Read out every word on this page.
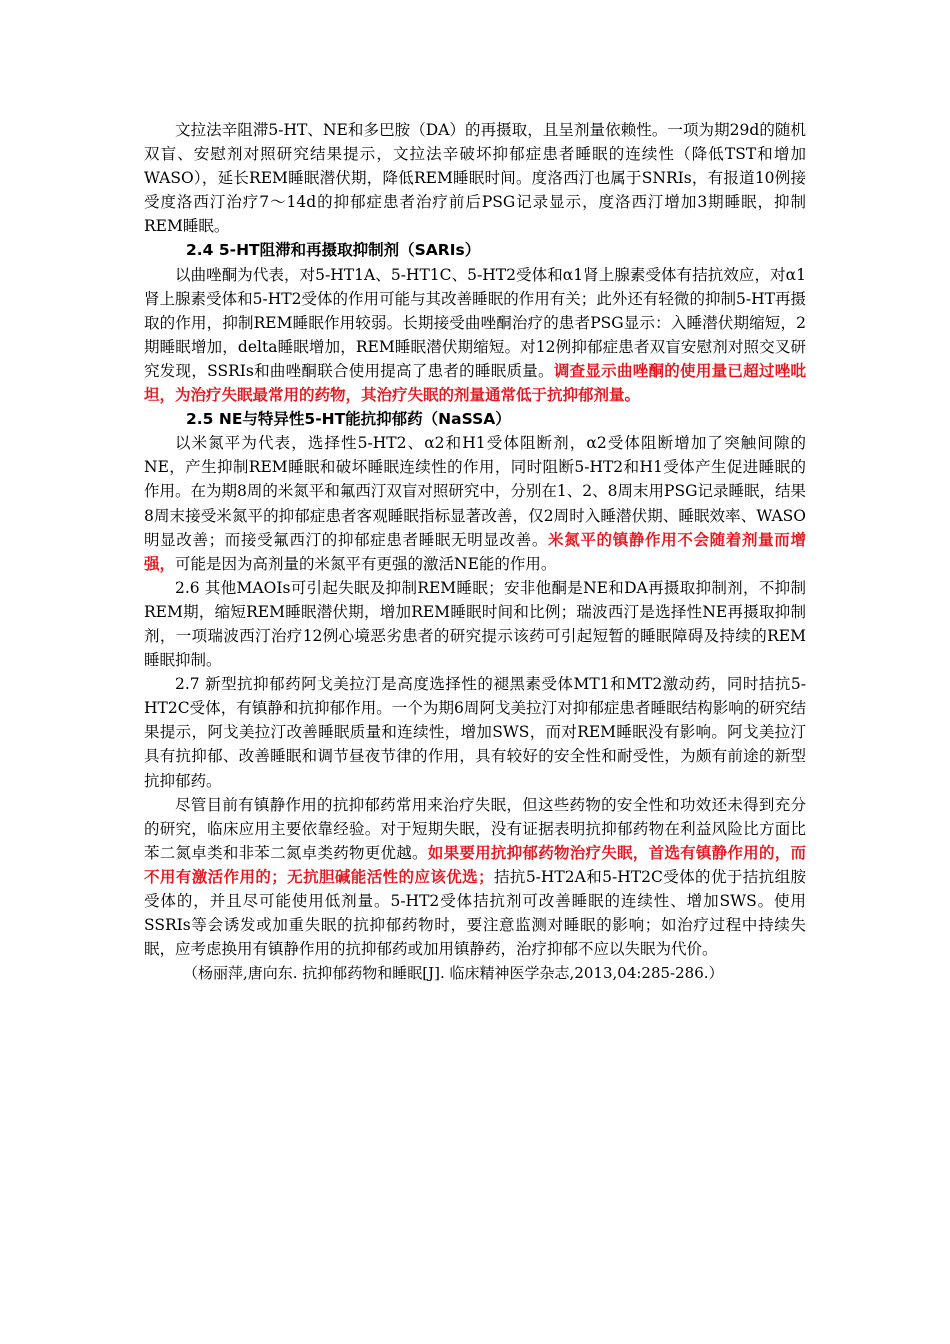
文拉法辛阻滞5-HT、NE和多巴胺（DA）的再摄取，且呈剂量依赖性。一项为期29d的随机双盲、安慰剂对照研究结果提示，文拉法辛破坏抑郁症患者睡眠的连续性（降低TST和增加WASO），延长REM睡眠潜伏期，降低REM睡眠时间。度洛西汀也属于SNRIs，有报道10例接受度洛西汀治疗7～14d的抑郁症患者治疗前后PSG记录显示，度洛西汀增加3期睡眠，抑制REM睡眠。

2.4 5-HT阻滞和再摄取抑制剂（SARIs）

以曲唑酮为代表，对5-HT1A、5-HT1C、5-HT2受体和α1肾上腺素受体有拮抗效应，对α1肾上腺素受体和5-HT2受体的作用可能与其改善睡眠的作用有关；此外还有轻微的抑制5-HT再摄取的作用，抑制REM睡眠作用较弱。长期接受曲唑酮治疗的患者PSG显示：入睡潜伏期缩短，2期睡眠增加，delta睡眠增加，REM睡眠潜伏期缩短。对12例抑郁症患者双盲安慰剂对照交叉研究发现，SSRIs和曲唑酮联合使用提高了患者的睡眠质量。调查显示曲唑酮的使用量已超过唑吡坦，为治疗失眠最常用的药物，其治疗失眠的剂量通常低于抗抑郁剂量。

2.5 NE与特异性5-HT能抗抑郁药（NaSSA）

以米氮平为代表，选择性5-HT2、α2和H1受体阻断剂，α2受体阻断增加了突触间隙的NE，产生抑制REM睡眠和破坏睡眠连续性的作用，同时阻断5-HT2和H1受体产生促进睡眠的作用。在为期8周的米氮平和氟西汀双盲对照研究中，分别在1、2、8周末用PSG记录睡眠，结果8周末接受米氮平的抑郁症患者客观睡眠指标显著改善，仅2周时入睡潜伏期、睡眠效率、WASO明显改善；而接受氟西汀的抑郁症患者睡眠无明显改善。米氮平的镇静作用不会随着剂量而增强，可能是因为高剂量的米氮平有更强的激活NE能的作用。

2.6 其他MAOIs可引起失眠及抑制REM睡眠；安非他酮是NE和DA再摄取抑制剂，不抑制REM期，缩短REM睡眠潜伏期，增加REM睡眠时间和比例；瑞波西汀是选择性NE再摄取抑制剂，一项瑞波西汀治疗12例心境恶劣患者的研究提示该药可引起短暂的睡眠障碍及持续的REM睡眠抑制。

2.7 新型抗抑郁药阿戈美拉汀是高度选择性的褪黑素受体MT1和MT2激动药，同时拮抗5-HT2C受体，有镇静和抗抑郁作用。一个为期6周阿戈美拉汀对抑郁症患者睡眠结构影响的研究结果提示，阿戈美拉汀改善睡眠质量和连续性，增加SWS，而对REM睡眠没有影响。阿戈美拉汀具有抗抑郁、改善睡眠和调节昼夜节律的作用，具有较好的安全性和耐受性，为颇有前途的新型抗抑郁药。

尽管目前有镇静作用的抗抑郁药常用来治疗失眠，但这些药物的安全性和功效还未得到充分的研究，临床应用主要依靠经验。对于短期失眠，没有证据表明抗抑郁药物在利益风险比方面比苯二氮卓类和非苯二氮卓类药物更优越。如果要用抗抑郁药物治疗失眠，首选有镇静作用的，而不用有激活作用的；无抗胆碱能活性的应该优选；拮抗5-HT2A和5-HT2C受体的优于拮抗组胺受体的，并且尽可能使用低剂量。5-HT2受体拮抗剂可改善睡眠的连续性、增加SWS。使用SSRIs等会诱发或加重失眠的抗抑郁药物时，要注意监测对睡眠的影响；如治疗过程中持续失眠，应考虑换用有镇静作用的抗抑郁药或加用镇静药，治疗抑郁不应以失眠为代价。

（杨丽萍,唐向东. 抗抑郁药物和睡眠[J]. 临床精神医学杂志,2013,04:285-286.）
